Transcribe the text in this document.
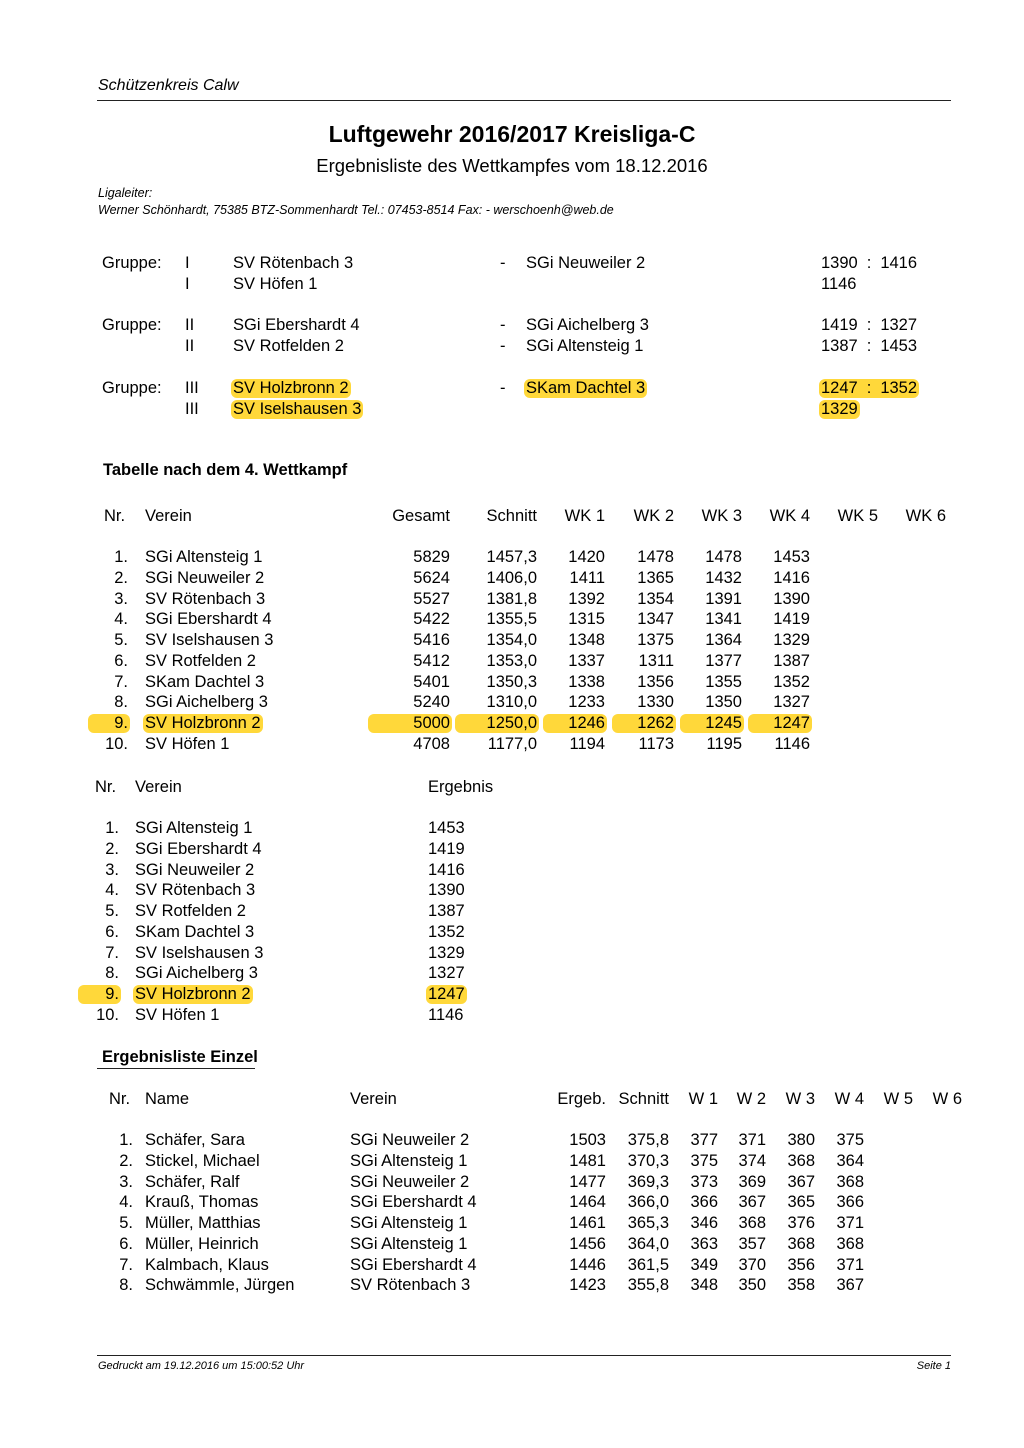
Schützenkreis Calw
Luftgewehr 2016/2017 Kreisliga-C
Ergebnisliste des Wettkampfes vom 18.12.2016
Ligaleiter:
Werner Schönhardt, 75385 BTZ-Sommenhardt Tel.: 07453-8514 Fax: - werschoenh@web.de
Gruppe: I	SV Rötenbach 3	- SGi Neuweiler 2	1390 : 1416
I	SV Höfen 1	1146
Gruppe: II SGi Ebershardt 4	- SGi Aichelberg 3	1419 : 1327
II SV Rotfelden 2	- SGi Altensteig 1	1387 : 1453
Gruppe: III SV Holzbronn 2	- SKam Dachtel 3	1247 : 1352
III SV Iselshausen 3	1329
Tabelle nach dem 4. Wettkampf
Nr. Verein	Gesamt	Schnitt	WK 1	WK 2	WK 3	WK 4	WK 5	WK 6
1. SGi Altensteig 1	5829	1457,3	1420	1478	1478	1453
2. SGi Neuweiler 2	5624	1406,0	1411	1365	1432	1416
3. SV Rötenbach 3	5527	1381,8	1392	1354	1391	1390
4. SGi Ebershardt 4	5422	1355,5	1315	1347	1341	1419
5. SV Iselshausen 3	5416	1354,0	1348	1375	1364	1329
6. SV Rotfelden 2	5412	1353,0	1337	1311	1377	1387
7. SKam Dachtel 3	5401	1350,3	1338	1356	1355	1352
8. SGi Aichelberg 3	5240	1310,0	1233	1330	1350	1327
9. SV Holzbronn 2	5000	1250,0	1246	1262	1245	1247
10. SV Höfen 1	4708	1177,0	1194	1173	1195	1146
Nr. Verein	Ergebnis
1. SGi Altensteig 1	1453
2. SGi Ebershardt 4	1419
3. SGi Neuweiler 2	1416
4. SV Rötenbach 3	1390
5. SV Rotfelden 2	1387
6. SKam Dachtel 3	1352
7. SV Iselshausen 3	1329
8. SGi Aichelberg 3	1327
9. SV Holzbronn 2	1247
10. SV Höfen 1	1146
Ergebnisliste Einzel
Nr. Name	Verein	Ergeb. Schnitt	W 1	W 2	W 3	W 4	W 5	W 6
1. Schäfer, Sara	SGi Neuweiler 2	1503	375,8	377	371	380	375
2. Stickel, Michael	SGi Altensteig 1	1481	370,3	375	374	368	364
3. Schäfer, Ralf	SGi Neuweiler 2	1477	369,3	373	369	367	368
4. Krauß, Thomas	SGi Ebershardt 4	1464	366,0	366	367	365	366
5. Müller, Matthias	SGi Altensteig 1	1461	365,3	346	368	376	371
6. Müller, Heinrich	SGi Altensteig 1	1456	364,0	363	357	368	368
7. Kalmbach, Klaus	SGi Ebershardt 4	1446	361,5	349	370	356	371
8. Schwämmle, Jürgen	SV Rötenbach 3	1423	355,8	348	350	358	367
Gedruckt am 19.12.2016 um 15:00:52 Uhr	Seite 1
